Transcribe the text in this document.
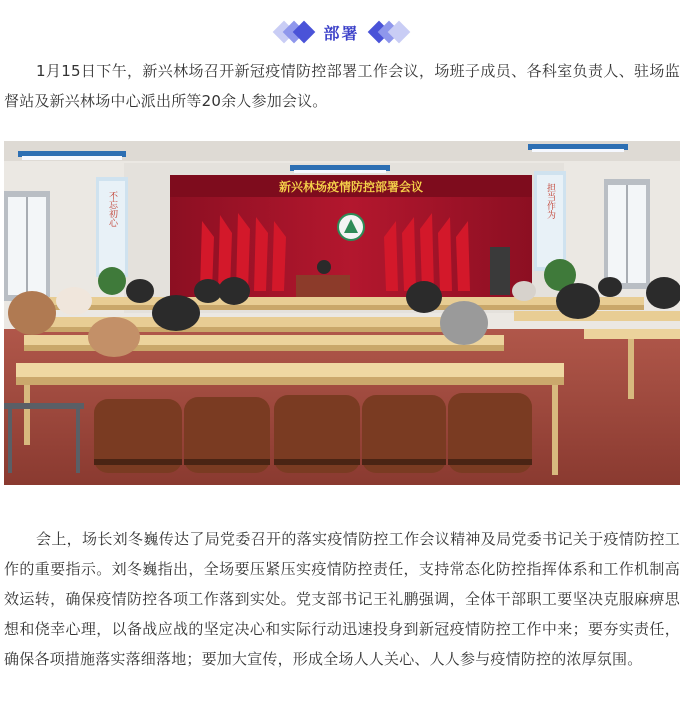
部署

1月15日下午，新兴林场召开新冠疫情防控部署工作会议，场班子成员、各科室负责人、驻场监督站及新兴林场中心派出所等20余人参加会议。

不忘初心	担当作为
新兴林场疫情防控部署会议

会上，场长刘冬巍传达了局党委召开的落实疫情防控工作会议精神及局党委书记关于疫情防控工作的重要指示。刘冬巍指出，全场要压紧压实疫情防控责任，支持常态化防控指挥体系和工作机制高效运转，确保疫情防控各项工作落到实处。党支部书记王礼鹏强调，全体干部职工要坚决克服麻痹思想和侥幸心理，以备战应战的坚定决心和实际行动迅速投身到新冠疫情防控工作中来；要夯实责任，确保各项措施落实落细落地；要加大宣传，形成全场人人关心、人人参与疫情防控的浓厚氛围。
